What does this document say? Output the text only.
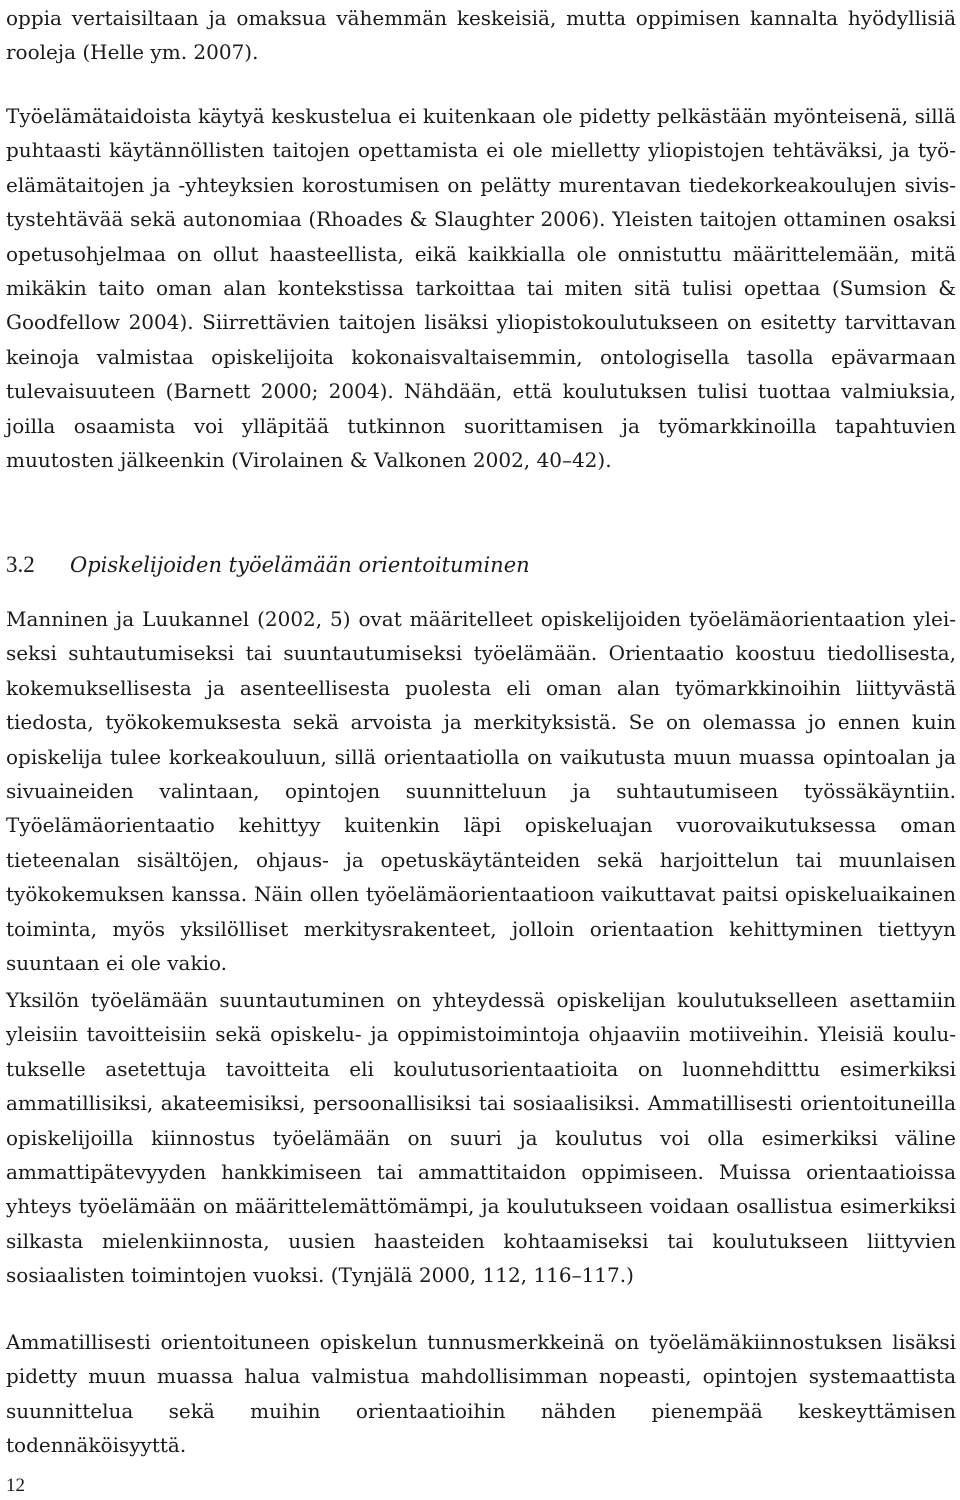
oppia vertaisiltaan ja omaksua vähemmän keskeisiä, mutta oppimisen kannalta hyödyllisiä rooleja (Helle ym. 2007).

Työelämätaidoista käytyä keskustelua ei kuitenkaan ole pidetty pelkästään myönteisenä, sillä puhtaasti käytännöllisten taitojen opettamista ei ole mielletty yliopistojen tehtäväksi, ja työelämätaitojen ja -yhteyksien korostumisen on pelätty murentavan tiedekorkeakoulujen sivistystehtävää sekä autonomiaa (Rhoades & Slaughter 2006). Yleisten taitojen ottaminen osaksi opetusohjelmaa on ollut haasteellista, eikä kaikkialla ole onnistuttu määrittelemään, mitä mikäkin taito oman alan kontekstissa tarkoittaa tai miten sitä tulisi opettaa (Sumsion & Goodfellow 2004). Siirrettävien taitojen lisäksi yliopistokoulutukseen on esitetty tarvittavan keinoja valmistaa opiskelijoita kokonaisvaltaisemmin, ontologisella tasolla epävarmaan tulevaisuuteen (Barnett 2000; 2004). Nähdään, että koulutuksen tulisi tuottaa valmiuksia, joilla osaamista voi ylläpitää tutkinnon suorittamisen ja työmarkkinoilla tapahtuvien muutosten jälkeenkin (Virolainen & Valkonen 2002, 40–42).

3.2 Opiskelijoiden työelämään orientoituminen

Manninen ja Luukannel (2002, 5) ovat määritelleet opiskelijoiden työelämäorientaation yleiseksi suhtautumiseksi tai suuntautumiseksi työelämään. Orientaatio koostuu tiedollisesta, kokemuksellisesta ja asenteellisesta puolesta eli oman alan työmarkkinoihin liittyvästä tiedosta, työkokemuksesta sekä arvoista ja merkityksistä. Se on olemassa jo ennen kuin opiskelija tulee korkeakouluun, sillä orientaatiolla on vaikutusta muun muassa opintoalan ja sivuaineiden valintaan, opintojen suunnitteluun ja suhtautumiseen työssäkäyntiin. Työelämäorientaatio kehittyy kuitenkin läpi opiskeluajan vuorovaikutuksessa oman tieteenalan sisältöjen, ohjaus- ja opetuskäytänteiden sekä harjoittelun tai muunlaisen työkokemuksen kanssa. Näin ollen työelämäorientaatioon vaikuttavat paitsi opiskeluaikainen toiminta, myös yksilölliset merkitysrakenteet, jolloin orientaation kehittyminen tiettyyn suuntaan ei ole vakio.

Yksilön työelämään suuntautuminen on yhteydessä opiskelijan koulutukselleen asettamiin yleisiin tavoitteisiin sekä opiskelu- ja oppimistoimintoja ohjaaviin motiiveihin. Yleisiä koulutukselle asetettuja tavoitteita eli koulutusorientaatioita on luonnehditttu esimerkiksi ammatillisiksi, akateemisiksi, persoonallisiksi tai sosiaalisiksi. Ammatillisesti orientoituneilla opiskelijoilla kiinnostus työelämään on suuri ja koulutus voi olla esimerkiksi väline ammattipätevyyden hankkimiseen tai ammattitaidon oppimiseen. Muissa orientaatioissa yhteys työelämään on määrittelemättömämpi, ja koulutukseen voidaan osallistua esimerkiksi silkasta mielenkiinnosta, uusien haasteiden kohtaamiseksi tai koulutukseen liittyvien sosiaalisten toimintojen vuoksi. (Tynjälä 2000, 112, 116–117.)

Ammatillisesti orientoituneen opiskelun tunnusmerkkeinä on työelämäkiinnostuksen lisäksi pidetty muun muassa halua valmistua mahdollisimman nopeasti, opintojen systemaattista suunnittelua sekä muihin orientaatioihin nähden pienempää keskeyttämisen todennäköisyyttä.

12
